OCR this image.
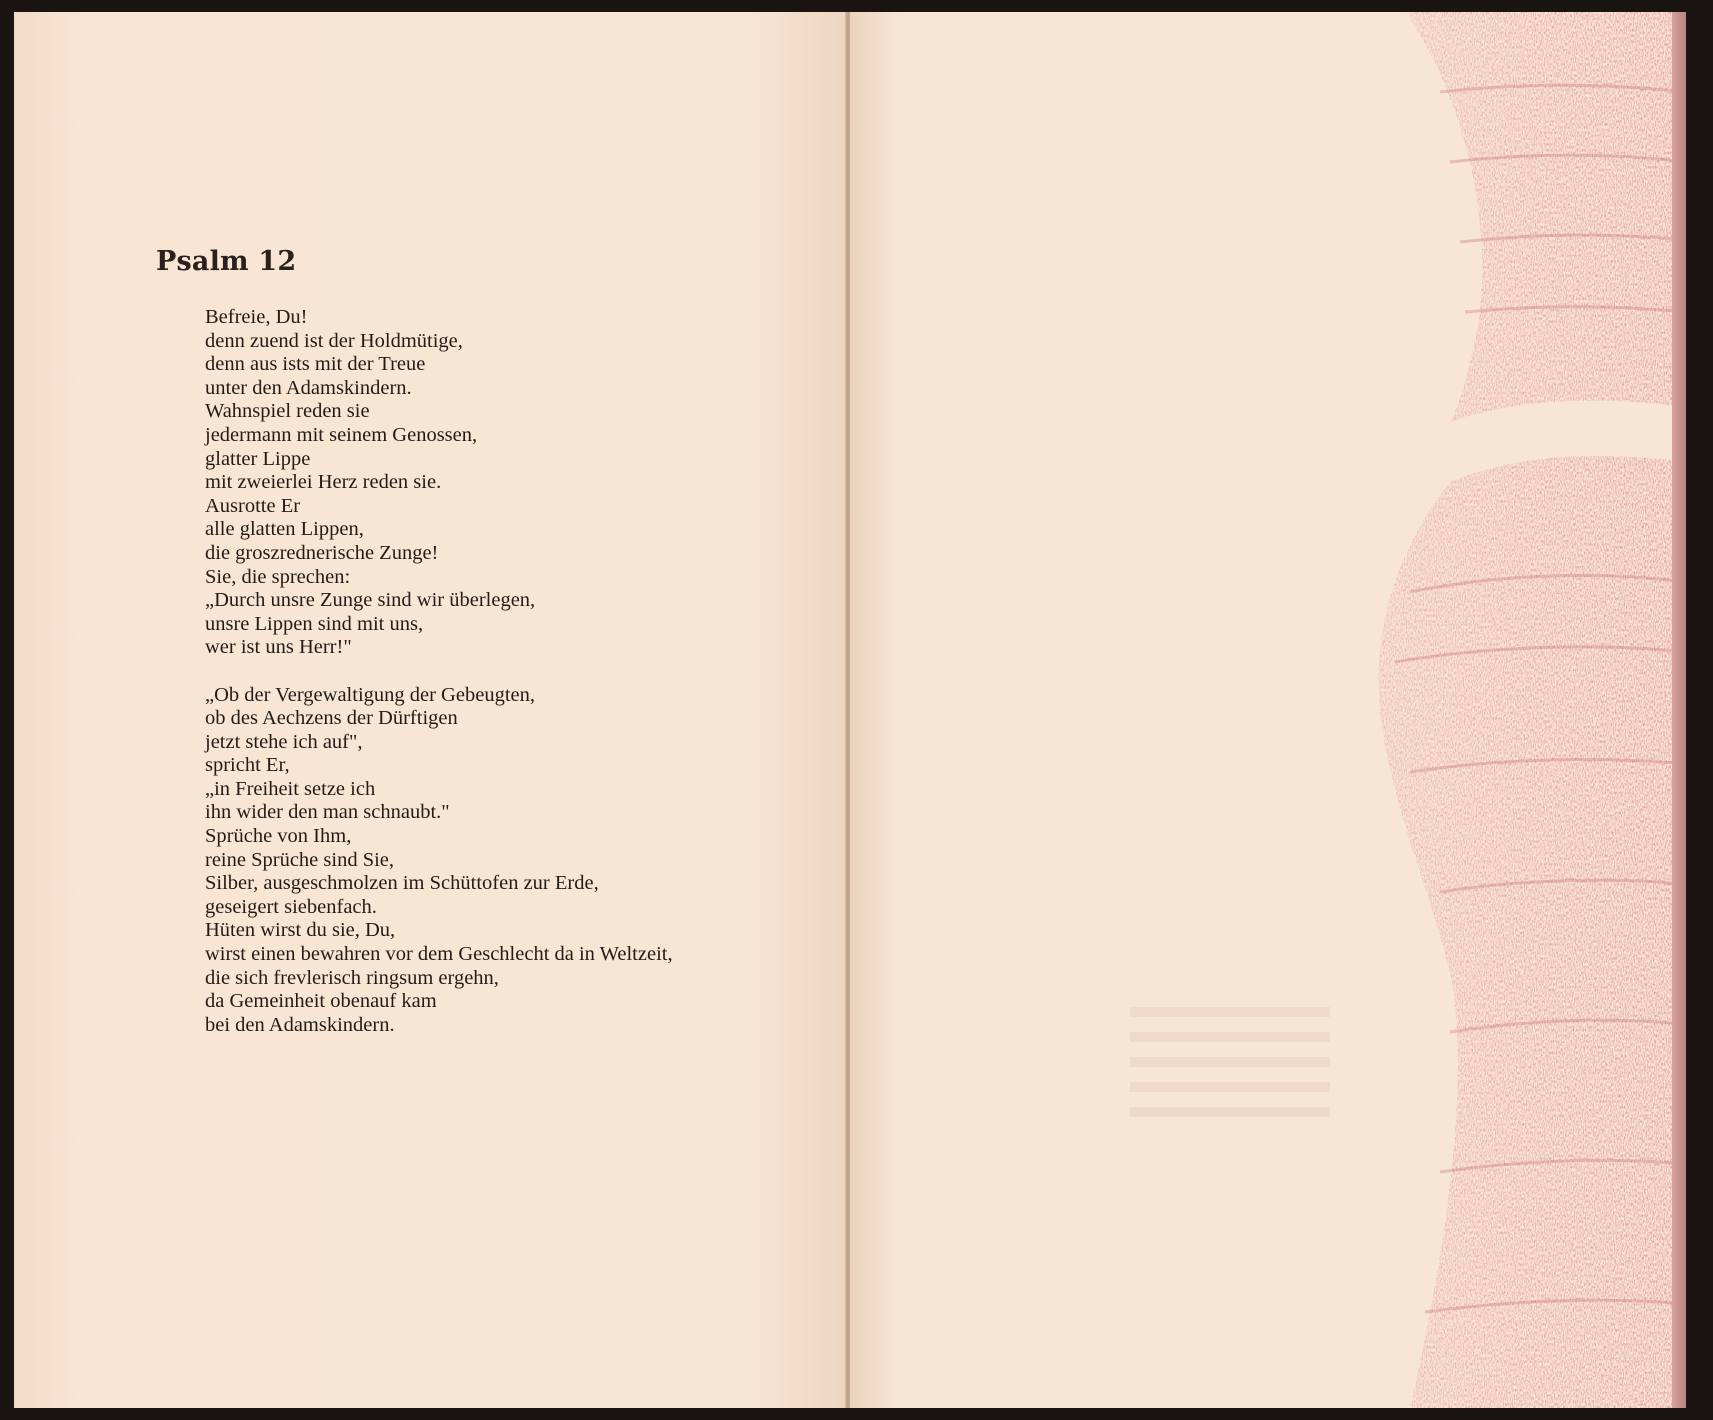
Psalm 12
Befreie, Du!
denn zuend ist der Holdmütige,
denn aus ists mit der Treue
unter den Adamskindern.
Wahnspiel reden sie
jedermann mit seinem Genossen,
glatter Lippe
mit zweierlei Herz reden sie.
Ausrotte Er
alle glatten Lippen,
die groszrednerische Zunge!
Sie, die sprechen:
„Durch unsre Zunge sind wir überlegen,
unsre Lippen sind mit uns,
wer ist uns Herr!"
„Ob der Vergewaltigung der Gebeugten,
ob des Aechzens der Dürftigen
jetzt stehe ich auf",
spricht Er,
„in Freiheit setze ich
ihn wider den man schnaubt."
Sprüche von Ihm,
reine Sprüche sind Sie,
Silber, ausgeschmolzen im Schüttofen zur Erde,
geseigert siebenfach.
Hüten wirst du sie, Du,
wirst einen bewahren vor dem Geschlecht da in Weltzeit,
die sich frevlerisch ringsum ergehn,
da Gemeinheit obenauf kam
bei den Adamskindern.
